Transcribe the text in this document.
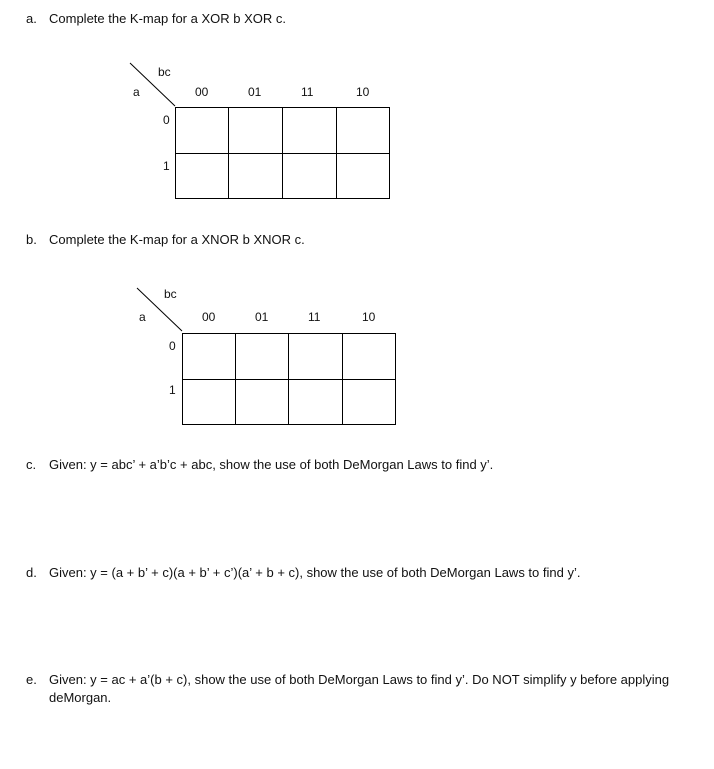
a. Complete the K-map for a XOR b XOR c.
bc
a	00	01	11	10
0
1
b. Complete the K-map for a XNOR b XNOR c.
bc
a	00	01	11	10
0
1
c. Given: y = abc’ + a’b’c + abc, show the use of both DeMorgan Laws to find y’.
d. Given: y = (a + b’ + c)(a + b’ + c’)(a’ + b + c), show the use of both DeMorgan Laws to find y’.
e. Given: y = ac + a’(b + c), show the use of both DeMorgan Laws to find y’. Do NOT simplify y before applying deMorgan.
